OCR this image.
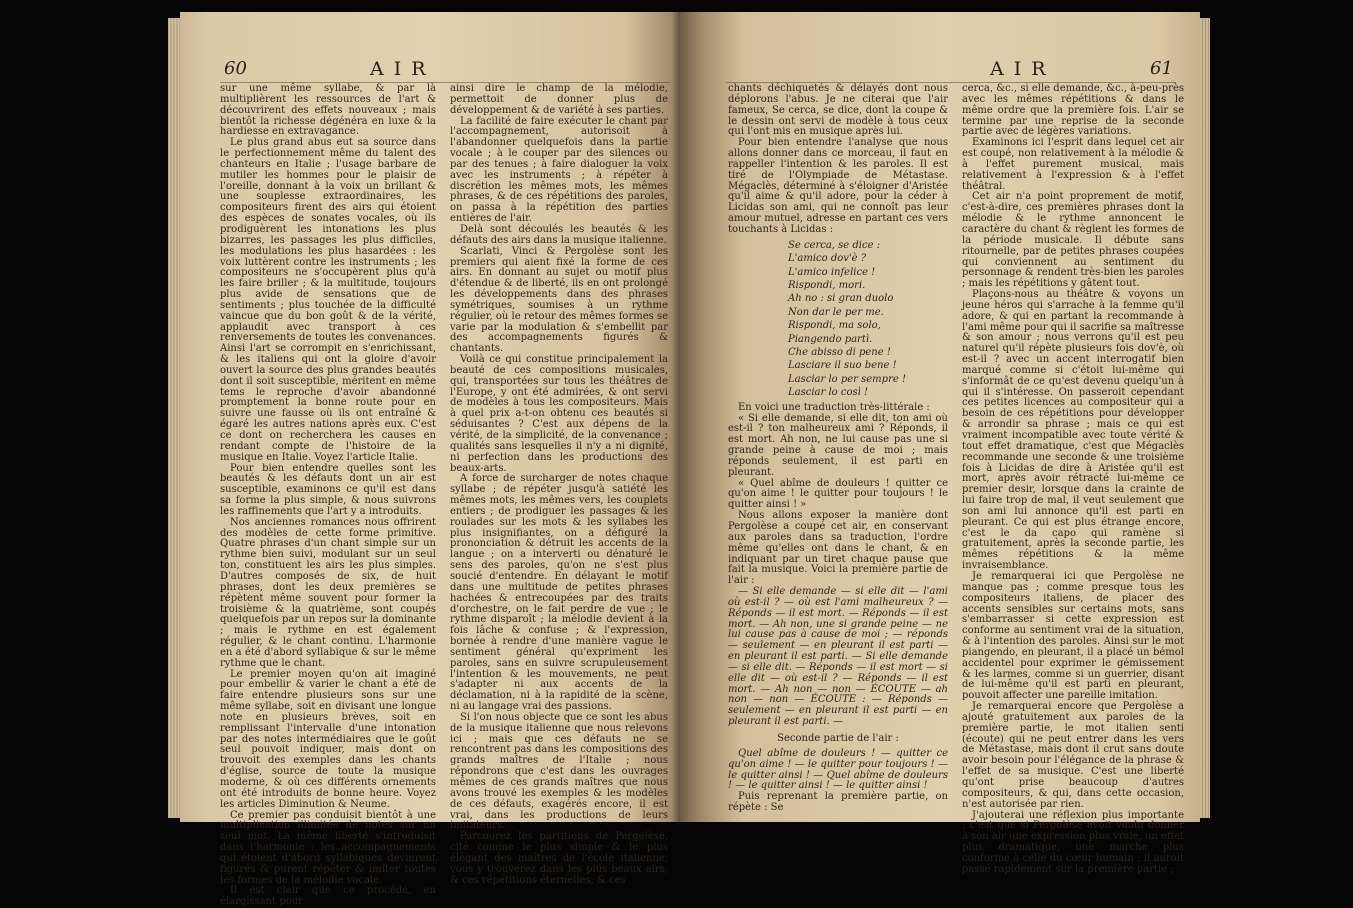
60	A I R

sur une même syllabe, & par là multiplièrent les ressources de l'art & découvrirent des effets nouveaux ; mais bientôt la richesse dégénéra en luxe & la hardiesse en extravagance.

Le plus grand abus eut sa source dans le perfectionnement même du talent des chanteurs en Italie ; l'usage barbare de mutiler les hommes pour le plaisir de l'oreille, donnant à la voix un brillant & une souplesse extraordinaires, les compositeurs firent des airs qui étoient des espèces de sonates vocales, où ils prodiguèrent les intonations les plus bizarres, les passages les plus difficiles, les modulations les plus hasardées : les voix luttèrent contre les instruments ; les compositeurs ne s'occupèrent plus qu'à les faire briller ; & la multitude, toujours plus avide de sensations que de sentiments ; plus touchée de la difficulté vaincue que du bon goût & de la vérité, applaudit avec transport à ces renversements de toutes les convenances. Ainsi l'art se corrompit en s'enrichissant, & les italiens qui ont la gloire d'avoir ouvert la source des plus grandes beautés dont il soit susceptible, méritent en même tems le reproche d'avoir abandonné promptement la bonne route pour en suivre une fausse où ils ont entraîné & égaré les autres nations après eux. C'est ce dont on recherchera les causes en rendant compte de l'histoire de la musique en Italie. Voyez l'article Italie.

Pour bien entendre quelles sont les beautés & les défauts dont un air est susceptible, examinons ce qu'il est dans sa forme la plus simple, & nous suivrons les raffinements que l'art y a introduits.

Nos anciennes romances nous offrirent des modèles de cette forme primitive. Quatre phrases d'un chant simple sur un rythme bien suivi, modulant sur un seul ton, constituent les airs les plus simples. D'autres composés de six, de huit phrases, dont les deux premières se répètent même souvent pour former la troisième & la quatrième, sont coupés quelquefois par un repos sur la dominante ; mais le rythme en est également régulier, & le chant continu. L'harmonie en a été d'abord syllabique & sur le même rythme que le chant.

Le premier moyen qu'on ait imaginé pour embellir & varier le chant a été de faire entendre plusieurs sons sur une même syllabe, soit en divisant une longue note en plusieurs brèves, soit en remplissant l'intervalle d'une intonation par des notes intermédiaires que le goût seul pouvoit indiquer, mais dont on trouvoit des exemples dans les chants d'église, source de toute la musique moderne, & où ces différents ornements ont été introduits de bonne heure. Voyez les articles Diminution & Neume.

Ce premier pas conduisit bientôt à une multiplication illimitée de notes sur un seul mot. La même liberté s'introduisit dans l'harmonie : les accompagnements qui étoient d'abord syllabiques devinrent figurés & purent répéter & imiter toutes les formes de la mélodie vocale.

Il est clair que ce procédé, en élargissant pour

ainsi dire le champ de la mélodie, permettoit de donner plus de développement & de variété à ses parties.

La facilité de faire exécuter le chant par l'accompagnement, autorisoit à l'abandonner quelquefois dans la partie vocale ; à le couper par des silences ou par des tenues ; à faire dialoguer la voix avec les instruments ; à répéter à discrétion les mêmes mots, les mêmes phrases, & de ces répétitions des paroles, on passa à la répétition des parties entières de l'air.

Delà sont découlés les beautés & les défauts des airs dans la musique italienne.

Scarlati, Vinci & Pergolèse sont les premiers qui aient fixé la forme de ces airs. En donnant au sujet ou motif plus d'étendue & de liberté, ils en ont prolongé les développements dans des phrases symétriques, soumises à un rythme régulier, où le retour des mêmes formes se varie par la modulation & s'embellit par des accompagnements figurés & chantants.

Voilà ce qui constitue principalement la beauté de ces compositions musicales, qui, transportées sur tous les théâtres de l'Europe, y ont été admirées, & ont servi de modèles à tous les compositeurs. Mais à quel prix a-t-on obtenu ces beautés si séduisantes ? C'est aux dépens de la vérité, de la simplicité, de la convenance ; qualités sans lesquelles il n'y a ni dignité, ni perfection dans les productions des beaux-arts.

A force de surcharger de notes chaque syllabe ; de répéter jusqu'à satiété les mêmes mots, les mêmes vers, les couplets entiers ; de prodiguer les passages & les roulades sur les mots & les syllabes les plus insignifiantes, on a défiguré la prononciation & détruit les accents de la langue ; on a interverti ou dénaturé le sens des paroles, qu'on ne s'est plus soucié d'entendre. En délayant le motif dans une multitude de petites phrases hachées & entrecoupées par des traits d'orchestre, on le fait perdre de vue ; le rythme disparoît ; la mélodie devient à la fois lâche & confuse ; & l'expression, bornée à rendre d'une manière vague le sentiment général qu'expriment les paroles, sans en suivre scrupuleusement l'intention & les mouvements, ne peut s'adapter ni aux accents de la déclamation, ni à la rapidité de la scène, ni au langage vrai des passions.

Si l'on nous objecte que ce sont les abus de la musique italienne que nous relevons ici ; mais que ces défauts ne se rencontrent pas dans les compositions des grands maîtres de l'Italie ; nous répondrons que c'est dans les ouvrages mêmes de ces grands maîtres que nous avons trouvé les exemples & les modèles de ces défauts, exagérés encore, il est vrai, dans les productions de leurs imitateurs.

Parcourez les partitions de Pergolèse, cité comme le plus simple & le plus élégant des maîtres de l'école italienne, vous y trouverez dans les plus beaux airs, & ces répétitions éternelles, & ces

A I R	61

chants déchiquetés & délayés dont nous déplorons l'abus. Je ne citerai que l'air fameux, Se cerca, se dice, dont la coupe & le dessin ont servi de modèle à tous ceux qui l'ont mis en musique après lui.

Pour bien entendre l'analyse que nous allons donner dans ce morceau, il faut en rappeller l'intention & les paroles. Il est tiré de l'Olympiade de Métastase. Mégaclès, déterminé à s'éloigner d'Aristée qu'il aime & qu'il adore, pour la céder à Licidas son ami, qui ne connoît pas leur amour mutuel, adresse en partant ces vers touchants à Licidas :

Se cerca, se dice :
L'amico dov'è ?
L'amico infelice !
Rispondi, mori.
Ah no : si gran duolo
Non dar le per me.
Rispondi, ma solo,
Piangendo partì.
Che abisso di pene !
Lasciare il suo bene !
Lasciar lo per sempre !
Lasciar lo così !

En voici une traduction très-littérale :

« Si elle demande, si elle dit, ton ami où est-il ? ton malheureux ami ? Réponds, il est mort. Ah non, ne lui cause pas une si grande peine à cause de moi ; mais réponds seulement, il est parti en pleurant.

« Quel abîme de douleurs ! quitter ce qu'on aime ! le quitter pour toujours ! le quitter ainsi ! »

Nous allons exposer la manière dont Pergolèse a coupé cet air, en conservant aux paroles dans sa traduction, l'ordre même qu'elles ont dans le chant, & en indiquant par un tiret chaque pause que fait la musique. Voici la première partie de l'air :

— Si elle demande — si elle dit — l'ami où est-il ? — où est l'ami malheureux ? — Réponds — il est mort. — Réponds — il est mort. — Ah non, une si grande peine — ne lui cause pas à cause de moi ; — réponds — seulement — en pleurant il est parti — en pleurant il est parti. — Si elle demande — si elle dit. — Réponds — il est mort — si elle dit — où est-il ? — Réponds — il est mort. — Ah non — non — ÉCOUTE — ah non — non — ÉCOUTE : — Réponds — seulement — en pleurant il est parti — en pleurant il est parti. —

Seconde partie de l'air :

Quel abîme de douleurs ! — quitter ce qu'on aime ! — le quitter pour toujours ! — le quitter ainsi ! — Quel abîme de douleurs ! — le quitter ainsi ! — le quitter ainsi !

Puis reprenant la première partie, on répète : Se

cerca, &c., si elle demande, &c., à-peu-près avec les mêmes répétitions & dans le même ordre que la première fois. L'air se termine par une reprise de la seconde partie avec de légères variations.

Examinons ici l'esprit dans lequel cet air est coupé, non relativement à la mélodie & à l'effet purement musical, mais relativement à l'expression & à l'effet théâtral.

Cet air n'a point proprement de motif, c'est-à-dire, ces premières phrases dont la mélodie & le rythme annoncent le caractère du chant & règlent les formes de la période musicale. Il débute sans ritournelle, par de petites phrases coupées qui conviennent au sentiment du personnage & rendent très-bien les paroles ; mais les répétitions y gâtent tout.

Plaçons-nous au théâtre & voyons un jeune héros qui s'arrache à la femme qu'il adore, & qui en partant la recommande à l'ami même pour qui il sacrifie sa maîtresse & son amour ; nous verrons qu'il est peu naturel qu'il répète plusieurs fois dov'è, où est-il ? avec un accent interrogatif bien marqué comme si c'étoit lui-même qui s'informât de ce qu'est devenu quelqu'un à qui il s'intéresse. On passeroit cependant ces petites licences au compositeur qui a besoin de ces répétitions pour développer & arrondir sa phrase ; mais ce qui est vraiment incompatible avec toute vérité & tout effet dramatique, c'est que Mégaclès recommande une seconde & une troisième fois à Licidas de dire à Aristée qu'il est mort, après avoir rétracté lui-même ce premier desir, lorsque dans la crainte de lui faire trop de mal, il veut seulement que son ami lui annonce qu'il est parti en pleurant. Ce qui est plus étrange encore, c'est le da capo qui ramène si gratuitement, après la seconde partie, les mêmes répétitions & la même invraisemblance.

Je remarquerai ici que Pergolèse ne manque pas ; comme presque tous les compositeurs italiens, de placer des accents sensibles sur certains mots, sans s'embarrasser si cette expression est conforme au sentiment vrai de la situation, & à l'intention des paroles. Ainsi sur le mot piangendo, en pleurant, il a placé un bémol accidentel pour exprimer le gémissement & les larmes, comme si un guerrier, disant de lui-même qu'il est parti en pleurant, pouvoit affecter une pareille imitation.

Je remarquerai encore que Pergolèse a ajouté gratuitement aux paroles de la première partie, le mot italien senti (écoute) qui ne peut entrer dans les vers de Métastase, mais dont il crut sans doute avoir besoin pour l'élégance de la phrase & l'effet de sa musique. C'est une liberté qu'ont prise beaucoup d'autres compositeurs, & qui, dans cette occasion, n'est autorisée par rien.

J'ajouterai une réflexion plus importante : c'est que si Pergolèse avoit voulu donner à son air une expression plus vraie, un effet plus dramatique, une marche plus conforme à celle du cœur humain ; il auroit passé rapidement sur la première partie ;
